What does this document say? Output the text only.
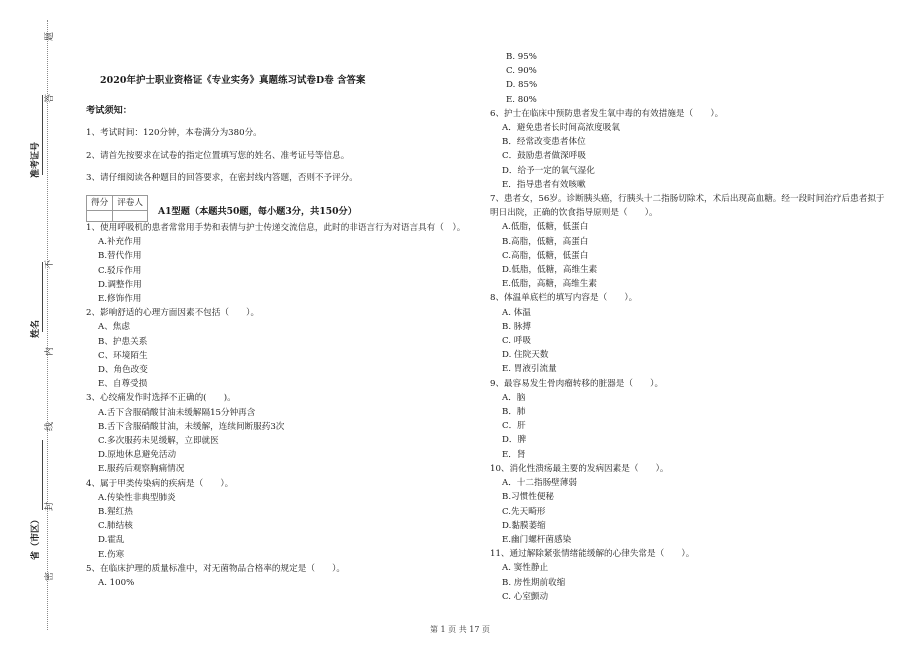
题
答
不
内
线
封
密
准考证号
姓名
省（市区）
2020年护士职业资格证《专业实务》真题练习试卷D卷 含答案
考试须知：
1、考试时间：120分钟，本卷满分为380分。
2、请首先按要求在试卷的指定位置填写您的姓名、准考证号等信息。
3、请仔细阅读各种题目的回答要求，在密封线内答题，否则不予评分。
得分	评卷人

A1型题（本题共50题，每小题3分，共150分）
1、使用呼吸机的患者常常用手势和表情与护士传递交流信息，此时的非语言行为对语言具有（　）。
A.补充作用
B.替代作用
C.驳斥作用
D.调整作用
E.修饰作用
2、影响舒适的心理方面因素不包括（　　）。
A、焦虑
B、护患关系
C、环境陌生
D、角色改变
E、自尊受损
3、心绞痛发作时选择不正确的(　　)。
A.舌下含服硝酸甘油未缓解隔15分钟再含
B.舌下含服硝酸甘油，未缓解，连续间断服药3次
C.多次服药未见缓解，立即就医
D.原地休息避免活动
E.服药后观察胸痛情况
4、属于甲类传染病的疾病是（　　）。
A.传染性非典型肺炎
B.猩红热
C.肺结核
D.霍乱
E.伤寒
5、在临床护理的质量标准中，对无菌物品合格率的规定是（　　）。
A. 100%
B. 95%
C. 90%
D. 85%
E. 80%
6、护士在临床中预防患者发生氧中毒的有效措施是（　　）。
A．避免患者长时间高浓度吸氧
B．经常改变患者体位
C．鼓励患者做深呼吸
D．给予一定的氧气湿化
E．指导患者有效咳嗽
7、患者女，56岁。诊断胰头癌，行胰头十二指肠切除术，术后出现高血糖。经一段时间治疗后患者拟于明日出院，正确的饮食指导原则是（　　）。
A.低脂，低糖，低蛋白
B.高脂，低糖，高蛋白
C.高脂，低糖，低蛋白
D.低脂，低糖，高维生素
E.低脂，高糖，高维生素
8、体温单底栏的填写内容是（　　）。
A. 体温
B. 脉搏
C. 呼吸
D. 住院天数
E. 胃液引流量
9、最容易发生骨肉瘤转移的脏器是（　　）。
A．脑
B．肺
C．肝
D．脾
E．肾
10、消化性溃疡最主要的发病因素是（　　）。
A．十二指肠壁薄弱
B.习惯性便秘
C.先天畸形
D.黏膜萎缩
E.幽门螺杆菌感染
11、通过解除紧张情绪能缓解的心律失常是（　　）。
A. 窦性静止
B. 房性期前收缩
C. 心室颤动
第 1 页 共 17 页
